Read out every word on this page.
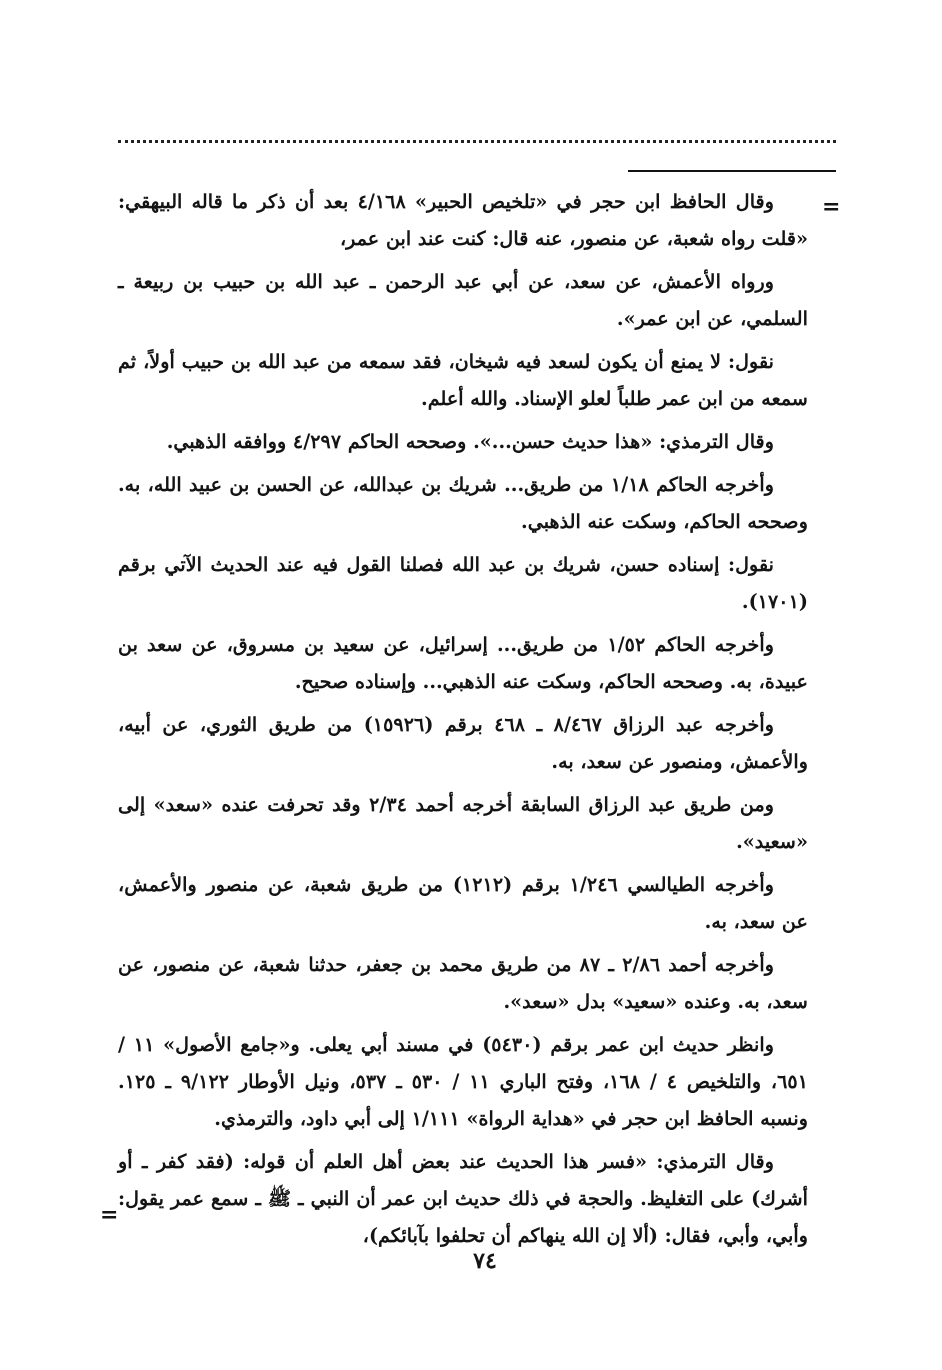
=

وقال الحافظ ابن حجر في «تلخيص الحبير» ٤/١٦٨ بعد أن ذكر ما قاله البيهقي: «قلت رواه شعبة، عن منصور، عنه قال: كنت عند ابن عمر،

ورواه الأعمش، عن سعد، عن أبي عبد الرحمن ـ عبد الله بن حبيب بن ربيعة ـ السلمي، عن ابن عمر».

نقول: لا يمنع أن يكون لسعد فيه شيخان، فقد سمعه من عبد الله بن حبيب أولاً، ثم سمعه من ابن عمر طلباً لعلو الإسناد. والله أعلم.

وقال الترمذي: «هذا حديث حسن...». وصححه الحاكم ٤/٢٩٧ ووافقه الذهبي.

وأخرجه الحاكم ١/١٨ من طريق... شريك بن عبدالله، عن الحسن بن عبيد الله، به. وصححه الحاكم، وسكت عنه الذهبي.

نقول: إسناده حسن، شريك بن عبد الله فصلنا القول فيه عند الحديث الآتي برقم (١٧٠١).

وأخرجه الحاكم ١/٥٢ من طريق... إسرائيل، عن سعيد بن مسروق، عن سعد بن عبيدة، به. وصححه الحاكم، وسكت عنه الذهبي... وإسناده صحيح.

وأخرجه عبد الرزاق ٨/٤٦٧ ـ ٤٦٨ برقم (١٥٩٢٦) من طريق الثوري، عن أبيه، والأعمش، ومنصور عن سعد، به.

ومن طريق عبد الرزاق السابقة أخرجه أحمد ٢/٣٤ وقد تحرفت عنده «سعد» إلى «سعيد».

وأخرجه الطيالسي ١/٢٤٦ برقم (١٢١٢) من طريق شعبة، عن منصور والأعمش، عن سعد، به.

وأخرجه أحمد ٢/٨٦ ـ ٨٧ من طريق محمد بن جعفر، حدثنا شعبة، عن منصور، عن سعد، به. وعنده «سعيد» بدل «سعد».

وانظر حديث ابن عمر برقم (٥٤٣٠) في مسند أبي يعلى. و«جامع الأصول» ١١ / ٦٥١، والتلخيص ٤ / ١٦٨، وفتح الباري ١١ / ٥٣٠ ـ ٥٣٧، ونيل الأوطار ٩/١٢٢ ـ ١٢٥. ونسبه الحافظ ابن حجر في «هداية الرواة» ١/١١١ إلى أبي داود، والترمذي.

وقال الترمذي: «فسر هذا الحديث عند بعض أهل العلم أن قوله: (فقد كفر ـ أو أشرك) على التغليظ. والحجة في ذلك حديث ابن عمر أن النبي ـ ﷺ ـ سمع عمر يقول: وأبي، وأبي، فقال: (ألا إن الله ينهاكم أن تحلفوا بآبائكم)،

=
٧٤
